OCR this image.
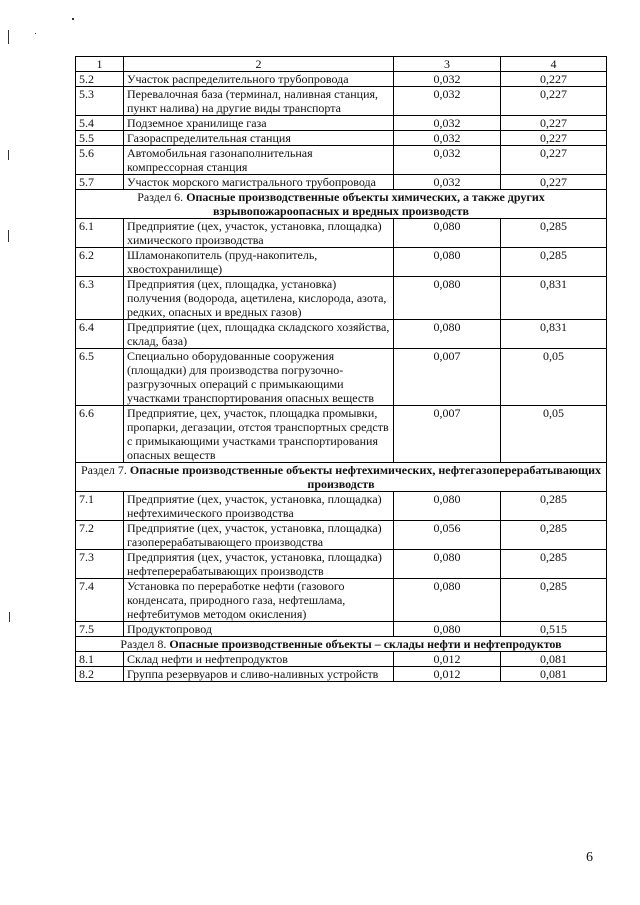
1	2	3	4
5.2	Участок распределительного трубопровода	0,032	0,227
5.3	Перевалочная база (терминал, наливная станция, пункт налива) на другие виды транспорта	0,032	0,227
5.4	Подземное хранилище газа	0,032	0,227
5.5	Газораспределительная станция	0,032	0,227
5.6	Автомобильная газонаполнительная компрессорная станция	0,032	0,227
5.7	Участок морского магистрального трубопровода	0,032	0,227
Раздел 6. Опасные производственные объекты химических, а также других взрывопожароопасных и вредных производств			
6.1	Предприятие (цех, участок, установка, площадка) химического производства	0,080	0,285
6.2	Шламонакопитель (пруд-накопитель, хвостохранилище)	0,080	0,285
6.3	Предприятия (цех, площадка, установка) получения (водорода, ацетилена, кислорода, азота, редких, опасных и вредных газов)	0,080	0,831
6.4	Предприятие (цех, площадка складского хозяйства, склад, база)	0,080	0,831
6.5	Специально оборудованные сооружения (площадки) для производства погрузочно-разгрузочных операций с примыкающими участками транспортирования опасных веществ	0,007	0,05
6.6	Предприятие, цех, участок, площадка промывки, пропарки, дегазации, отстоя транспортных средств с примыкающими участками транспортирования опасных веществ	0,007	0,05
Раздел 7. Опасные производственные объекты нефтехимических, нефтегазоперерабатывающих производств			
7.1	Предприятие (цех, участок, установка, площадка) нефтехимического производства	0,080	0,285
7.2	Предприятие (цех, участок, установка, площадка) газоперерабатывающего производства	0,056	0,285
7.3	Предприятия (цех, участок, установка, площадка) нефтеперерабатывающих производств	0,080	0,285
7.4	Установка по переработке нефти (газового конденсата, природного газа, нефтешлама, нефтебитумов методом окисления)	0,080	0,285
7.5	Продуктопровод	0,080	0,515
Раздел 8. Опасные производственные объекты – склады нефти и нефтепродуктов			
8.1	Склад нефти и нефтепродуктов	0,012	0,081
8.2	Группа резервуаров и сливо-наливных устройств	0,012	0,081
6
